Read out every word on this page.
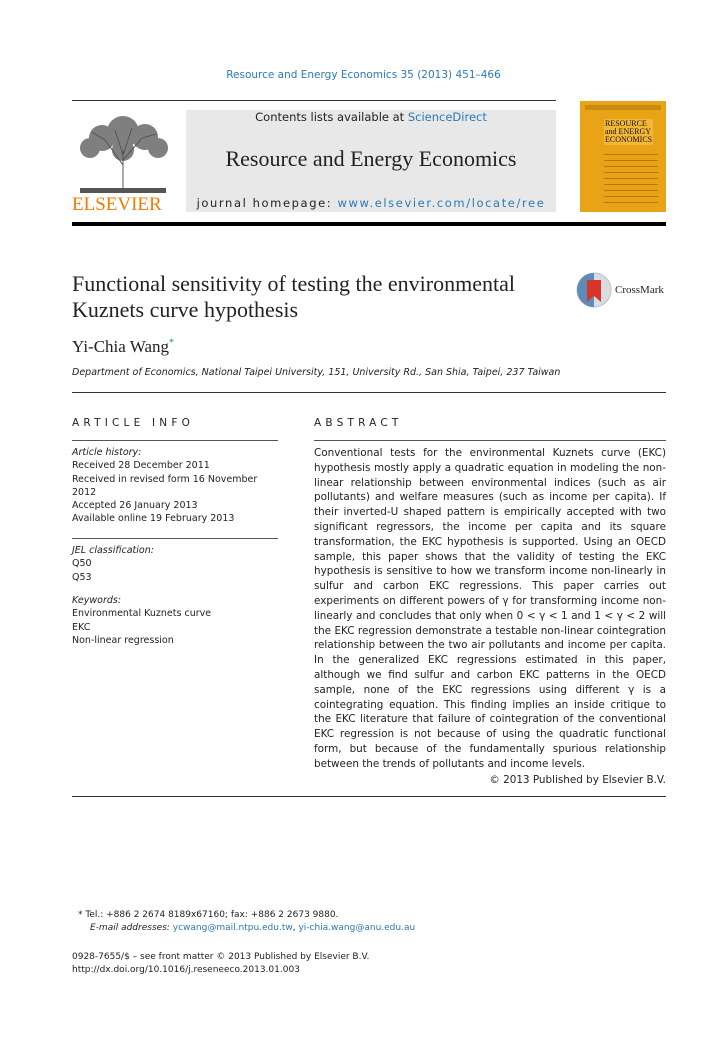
Resource and Energy Economics 35 (2013) 451–466
ELSEVIER
Contents lists available at ScienceDirect
Resource and Energy Economics
journal homepage: www.elsevier.com/locate/ree
RESOURCE
and ENERGY
ECONOMICS
Functional sensitivity of testing the environmental Kuznets curve hypothesis
CrossMark
Yi-Chia Wang*
Department of Economics, National Taipei University, 151, University Rd., San Shia, Taipei, 237 Taiwan
ARTICLE INFO
Article history:
Received 28 December 2011
Received in revised form 16 November
2012
Accepted 26 January 2013
Available online 19 February 2013
JEL classification:
Q50
Q53
Keywords:
Environmental Kuznets curve
EKC
Non-linear regression
ABSTRACT
Conventional tests for the environmental Kuznets curve (EKC) hypothesis mostly apply a quadratic equation in modeling the non-linear relationship between environmental indices (such as air pollutants) and welfare measures (such as income per capita). If their inverted-U shaped pattern is empirically accepted with two significant regressors, the income per capita and its square transformation, the EKC hypothesis is supported. Using an OECD sample, this paper shows that the validity of testing the EKC hypothesis is sensitive to how we transform income non-linearly in sulfur and carbon EKC regressions. This paper carries out experiments on different powers of γ for transforming income non-linearly and concludes that only when 0 < γ < 1 and 1 < γ < 2 will the EKC regression demonstrate a testable non-linear cointegration relationship between the two air pollutants and income per capita. In the generalized EKC regressions estimated in this paper, although we find sulfur and carbon EKC patterns in the OECD sample, none of the EKC regressions using different γ is a cointegrating equation. This finding implies an inside critique to the EKC literature that failure of cointegration of the conventional EKC regression is not because of using the quadratic functional form, but because of the fundamentally spurious relationship between the trends of pollutants and income levels.
© 2013 Published by Elsevier B.V.
* Tel.: +886 2 2674 8189x67160; fax: +886 2 2673 9880.
E-mail addresses: ycwang@mail.ntpu.edu.tw, yi-chia.wang@anu.edu.au
0928-7655/$ – see front matter © 2013 Published by Elsevier B.V.
http://dx.doi.org/10.1016/j.reseneeco.2013.01.003
